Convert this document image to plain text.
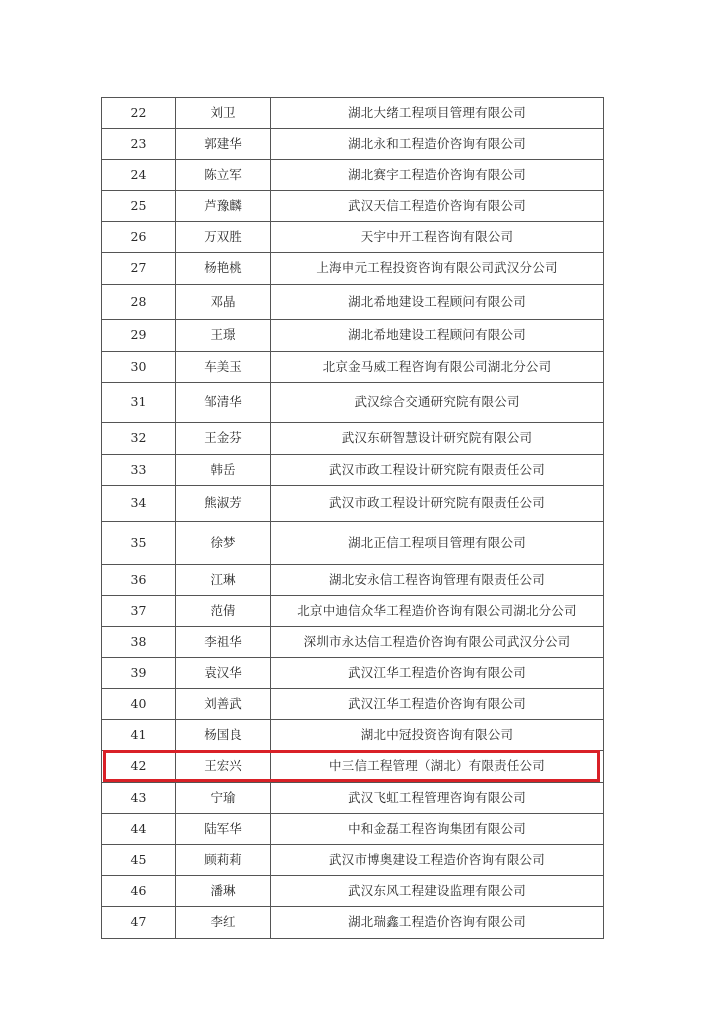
22	刘卫	湖北大绪工程项目管理有限公司
23	郭建华	湖北永和工程造价咨询有限公司
24	陈立军	湖北赛宇工程造价咨询有限公司
25	芦豫麟	武汉天信工程造价咨询有限公司
26	万双胜	天宇中开工程咨询有限公司
27	杨艳桃	上海申元工程投资咨询有限公司武汉分公司
28	邓晶	湖北希地建设工程顾问有限公司
29	王璟	湖北希地建设工程顾问有限公司
30	车美玉	北京金马威工程咨询有限公司湖北分公司
31	邹清华	武汉综合交通研究院有限公司
32	王金芬	武汉东研智慧设计研究院有限公司
33	韩岳	武汉市政工程设计研究院有限责任公司
34	熊淑芳	武汉市政工程设计研究院有限责任公司
35	徐梦	湖北正信工程项目管理有限公司
36	江琳	湖北安永信工程咨询管理有限责任公司
37	范倩	北京中迪信众华工程造价咨询有限公司湖北分公司
38	李祖华	深圳市永达信工程造价咨询有限公司武汉分公司
39	袁汉华	武汉江华工程造价咨询有限公司
40	刘善武	武汉江华工程造价咨询有限公司
41	杨国良	湖北中冠投资咨询有限公司
42	王宏兴	中三信工程管理（湖北）有限责任公司
43	宁瑜	武汉飞虹工程管理咨询有限公司
44	陆军华	中和金磊工程咨询集团有限公司
45	顾莉莉	武汉市博奥建设工程造价咨询有限公司
46	潘琳	武汉东风工程建设监理有限公司
47	李红	湖北瑞鑫工程造价咨询有限公司
